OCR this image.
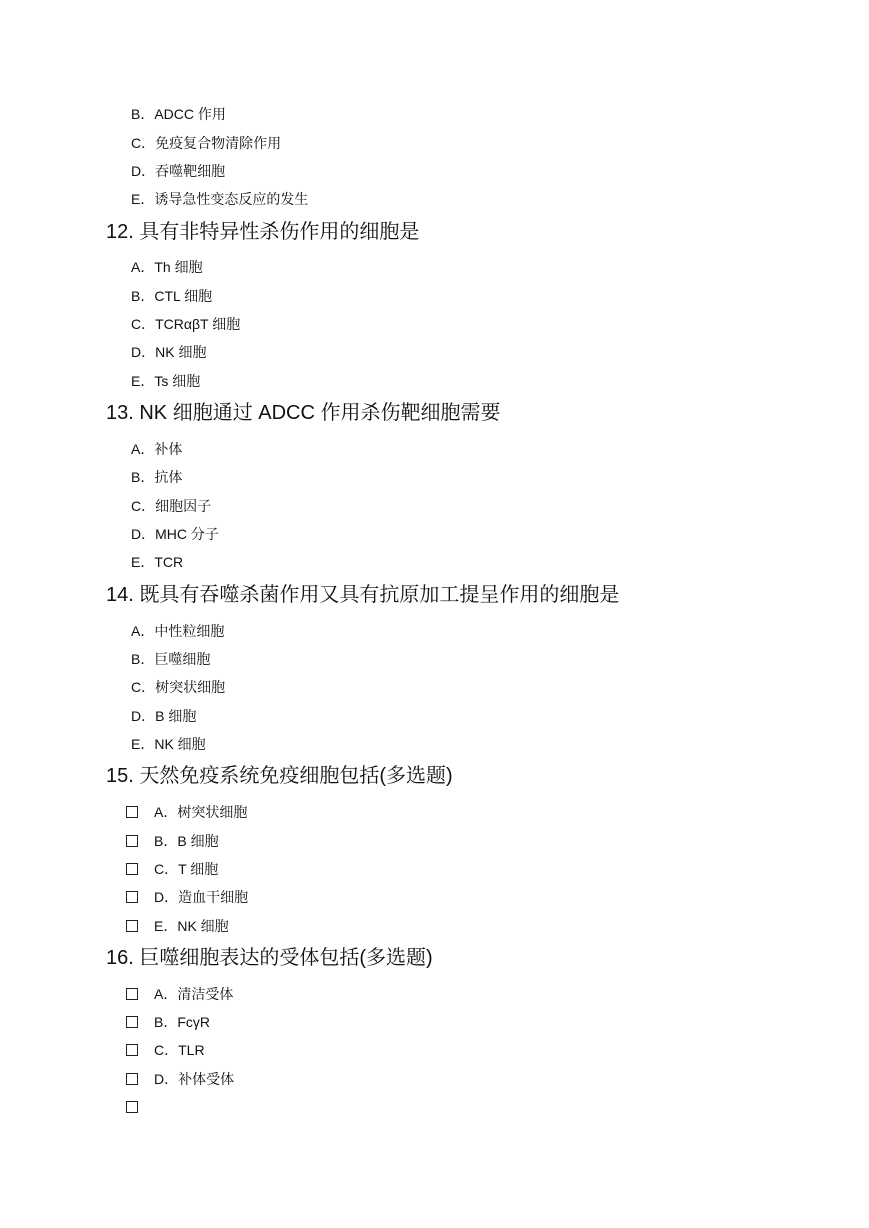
B．ADCC 作用
C．免疫复合物清除作用
D．吞噬靶细胞
E．诱导急性变态反应的发生
12. 具有非特异性杀伤作用的细胞是
A．Th 细胞
B．CTL 细胞
C．TCRαβT 细胞
D．NK 细胞
E．Ts 细胞
13. NK 细胞通过 ADCC 作用杀伤靶细胞需要
A．补体
B．抗体
C．细胞因子
D．MHC 分子
E．TCR
14. 既具有吞噬杀菌作用又具有抗原加工提呈作用的细胞是
A．中性粒细胞
B．巨噬细胞
C．树突状细胞
D．B 细胞
E．NK 细胞
15. 天然免疫系统免疫细胞包括(多选题)
A．树突状细胞
B．B 细胞
C．T 细胞
D．造血干细胞
E．NK 细胞
16. 巨噬细胞表达的受体包括(多选题)
A．清洁受体
B．FcγR
C．TLR
D．补体受体
